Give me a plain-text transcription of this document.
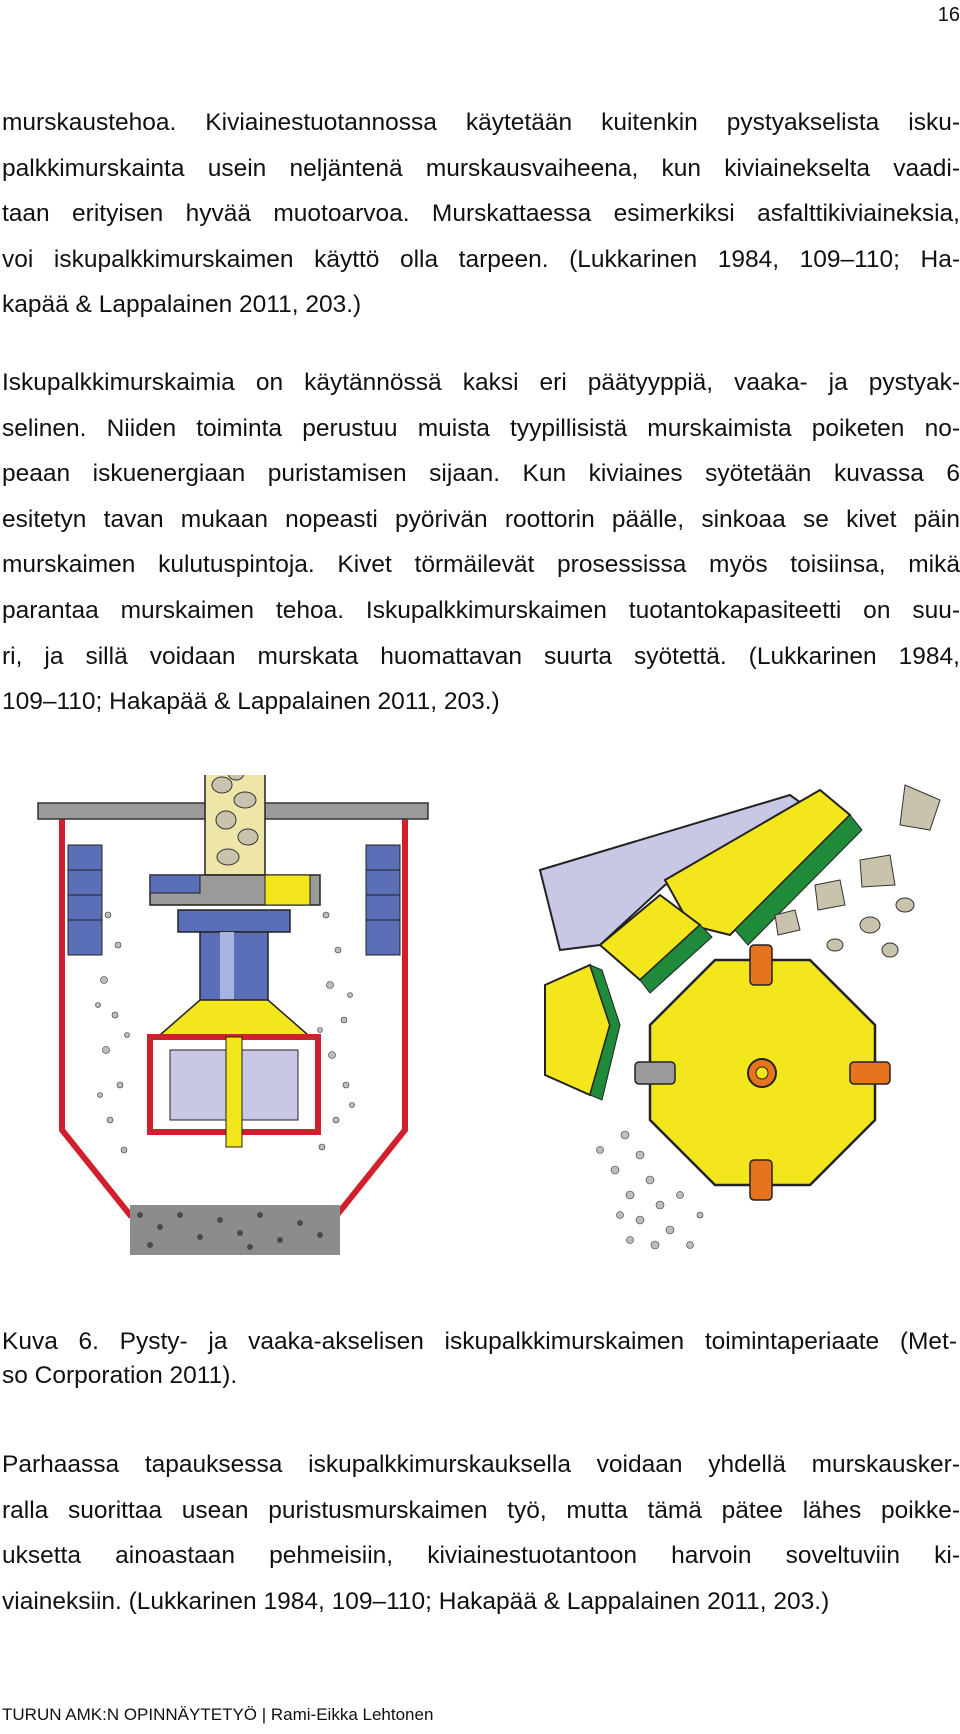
16
murskaustehoa. Kiviainestuotannossa käytetään kuitenkin pystyakselista isku-
palkkimurskainta usein neljäntenä murskausvaiheena, kun kiviainekselta vaadi-
taan erityisen hyvää muotoarvoa. Murskattaessa esimerkiksi asfalttikiviaineksia,
voi iskupalkkimurskaimen käyttö olla tarpeen. (Lukkarinen 1984, 109–110; Ha-
kapää & Lappalainen 2011, 203.)
Iskupalkkimurskaimia on käytännössä kaksi eri päätyyppiä, vaaka- ja pystyak-
selinen. Niiden toiminta perustuu muista tyypillisistä murskaimista poiketen no-
peaan iskuenergiaan puristamisen sijaan. Kun kiviaines syötetään kuvassa 6
esitetyn tavan mukaan nopeasti pyörivän roottorin päälle, sinkoaa se kivet päin
murskaimen kulutuspintoja. Kivet törmäilevät prosessissa myös toisiinsa, mikä
parantaa murskaimen tehoa. Iskupalkkimurskaimen tuotantokapasiteetti on suu-
ri, ja sillä voidaan murskata huomattavan suurta syötettä. (Lukkarinen 1984,
109–110; Hakapää & Lappalainen 2011, 203.)
Kuva 6. Pysty- ja vaaka-akselisen iskupalkkimurskaimen toimintaperiaate (Met-
so Corporation 2011).
Parhaassa tapauksessa iskupalkkimurskauksella voidaan yhdellä murskausker-
ralla suorittaa usean puristusmurskaimen työ, mutta tämä pätee lähes poikke-
uksetta ainoastaan pehmeisiin, kiviainestuotantoon harvoin soveltuviin ki-
viaineksiin. (Lukkarinen 1984, 109–110; Hakapää & Lappalainen 2011, 203.)
TURUN AMK:N OPINNÄYTETYÖ | Rami-Eikka Lehtonen
